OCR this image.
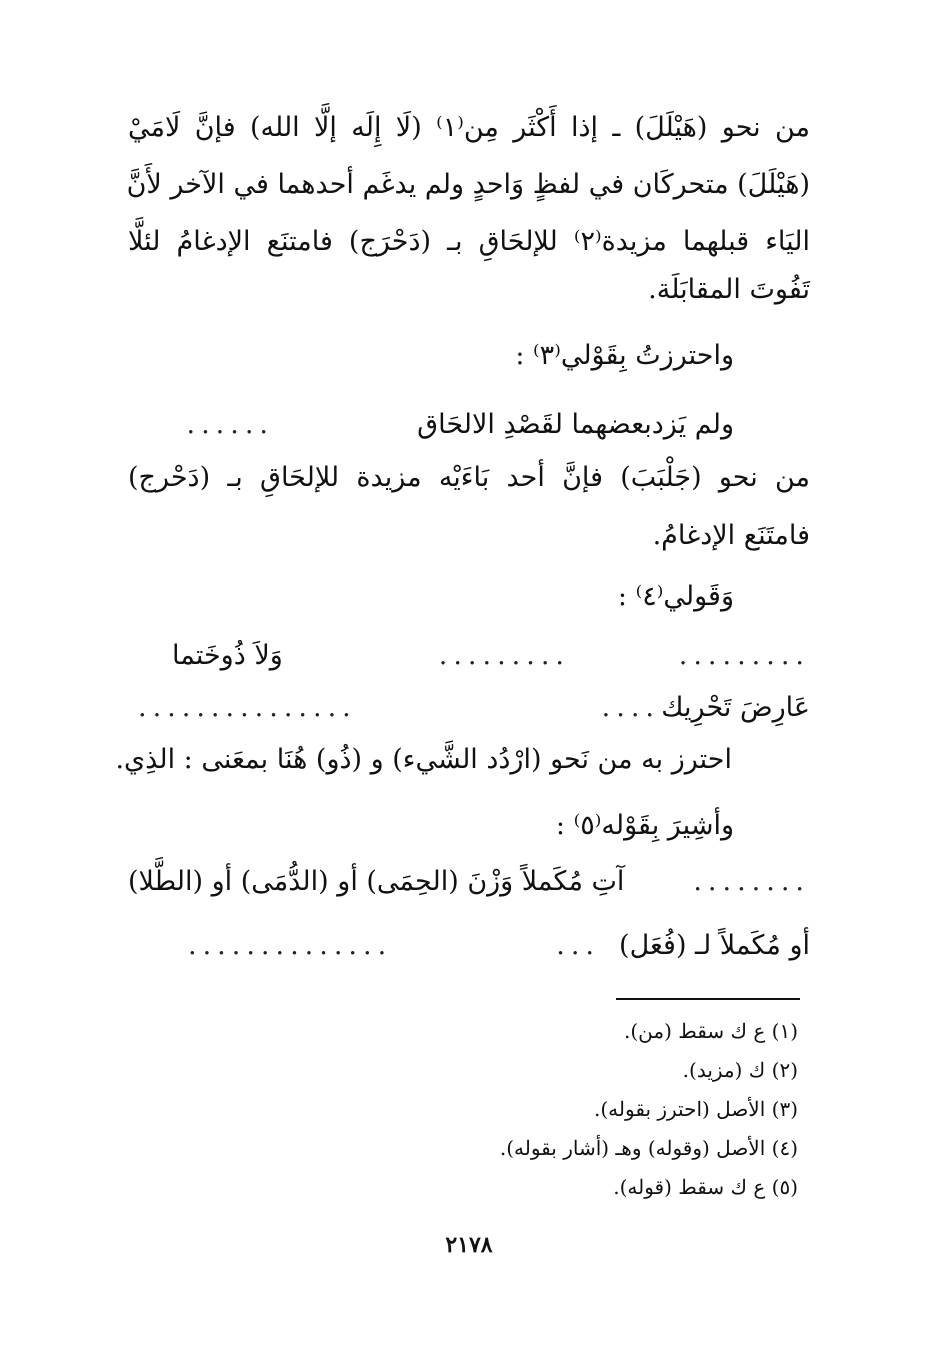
من نحو (هَيْلَلَ) ـ إذا أَكْثَر مِن⁽١⁾ (لَا إِلَه إلَّا الله) فإنَّ لَامَيْ
(هَيْلَلَ) متحركَان في لفظٍ وَاحدٍ ولم يدغَم أحدهما في الآخر لأَنَّ
اليَاء قبلهما مزيدة⁽٢⁾ للإلحَاقِ بـ (دَحْرَج) فامتنَع الإدغامُ لئلَّا
تَفُوتَ المقابَلَة.
واحترزتُ بِقَوْلي⁽٣⁾ :
ولم يَزدبعضهما لقَصْدِ الالحَاق
......
من نحو (جَلْبَبَ) فإنَّ أحد بَاءَيْه مزيدة للإلحَاقِ بـ (دَحْرج)
فامتَنَع الإدغامُ.
وَقَولي⁽٤⁾ :
.........
.........
وَلاَ ذُوخَتما
عَارِضَ تَحْرِيك
....
...............
احترز به من نَحو (ارْدُد الشَّيء) و (ذُو) هُنَا بمعَنى : الذِي.
وأشِيرَ بِقَوْله⁽٥⁾ :
........
آتِ مُكَملاً وَزْنَ (الحِمَى) أو (الدُّمَى) أو (الطَّلا)
أو مُكَملاً لـ (فُعَل)
...
..............
(١) ع ك سقط (من).
(٢) ك (مزيد).
(٣) الأصل (احترز بقوله).
(٤) الأصل (وقوله) وهـ (أشار بقوله).
(٥) ع ك سقط (قوله).
٢١٧٨
